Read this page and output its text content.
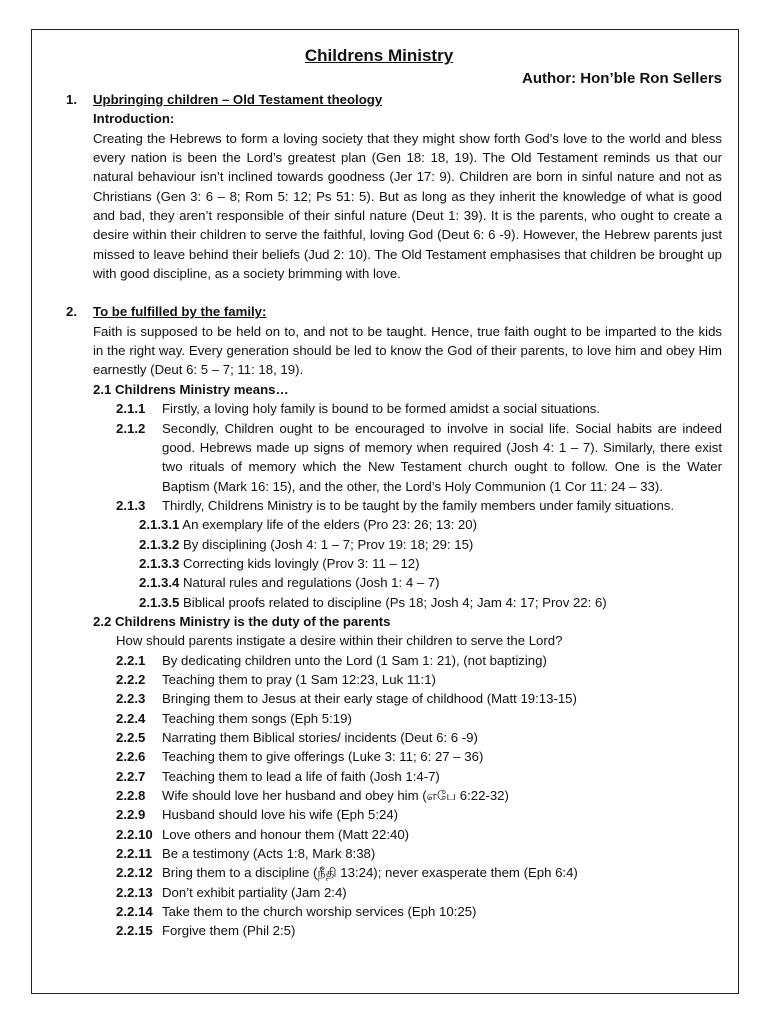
Childrens Ministry
Author: Hon’ble Ron Sellers
1. Upbringing children – Old Testament theology
Introduction:
Creating the Hebrews to form a loving society that they might show forth God’s love to the world and bless every nation is been the Lord’s greatest plan (Gen 18: 18, 19). The Old Testament reminds us that our natural behaviour isn’t inclined towards goodness (Jer 17: 9). Children are born in sinful nature and not as Christians (Gen 3: 6 – 8; Rom 5: 12; Ps 51: 5). But as long as they inherit the knowledge of what is good and bad, they aren’t responsible of their sinful nature (Deut 1: 39). It is the parents, who ought to create a desire within their children to serve the faithful, loving God (Deut 6: 6 -9). However, the Hebrew parents just missed to leave behind their beliefs (Jud 2: 10). The Old Testament emphasises that children be brought up with good discipline, as a society brimming with love.
2. To be fulfilled by the family:
Faith is supposed to be held on to, and not to be taught. Hence, true faith ought to be imparted to the kids in the right way. Every generation should be led to know the God of their parents, to love him and obey Him earnestly (Deut 6: 5 – 7; 11: 18, 19).
2.1 Childrens Ministry means…
2.1.1 Firstly, a loving holy family is bound to be formed amidst a social situations.
2.1.2 Secondly, Children ought to be encouraged to involve in social life. Social habits are indeed good. Hebrews made up signs of memory when required (Josh 4: 1 – 7). Similarly, there exist two rituals of memory which the New Testament church ought to follow. One is the Water Baptism (Mark 16: 15), and the other, the Lord’s Holy Communion (1 Cor 11: 24 – 33).
2.1.3 Thirdly, Childrens Ministry is to be taught by the family members under family situations.
2.1.3.1 An exemplary life of the elders (Pro 23: 26; 13: 20)
2.1.3.2 By disciplining (Josh 4: 1 – 7; Prov 19: 18; 29: 15)
2.1.3.3 Correcting kids lovingly (Prov 3: 11 – 12)
2.1.3.4 Natural rules and regulations (Josh 1: 4 – 7)
2.1.3.5 Biblical proofs related to discipline (Ps 18; Josh 4; Jam 4: 17; Prov 22: 6)
2.2 Childrens Ministry is the duty of the parents
How should parents instigate a desire within their children to serve the Lord?
2.2.1 By dedicating children unto the Lord (1 Sam 1: 21), (not baptizing)
2.2.2 Teaching them to pray (1 Sam 12:23, Luk 11:1)
2.2.3 Bringing them to Jesus at their early stage of childhood (Matt 19:13-15)
2.2.4 Teaching them songs (Eph 5:19)
2.2.5 Narrating them Biblical stories/ incidents (Deut 6: 6 -9)
2.2.6 Teaching them to give offerings (Luke 3: 11; 6: 27 – 36)
2.2.7 Teaching them to lead a life of faith (Josh 1:4-7)
2.2.8 Wife should love her husband and obey him (எபே 6:22-32)
2.2.9 Husband should love his wife (Eph 5:24)
2.2.10 Love others and honour them (Matt 22:40)
2.2.11 Be a testimony (Acts 1:8, Mark 8:38)
2.2.12 Bring them to a discipline (நீதி 13:24); never exasperate them (Eph 6:4)
2.2.13 Don’t exhibit partiality (Jam 2:4)
2.2.14 Take them to the church worship services (Eph 10:25)
2.2.15 Forgive them (Phil 2:5)
